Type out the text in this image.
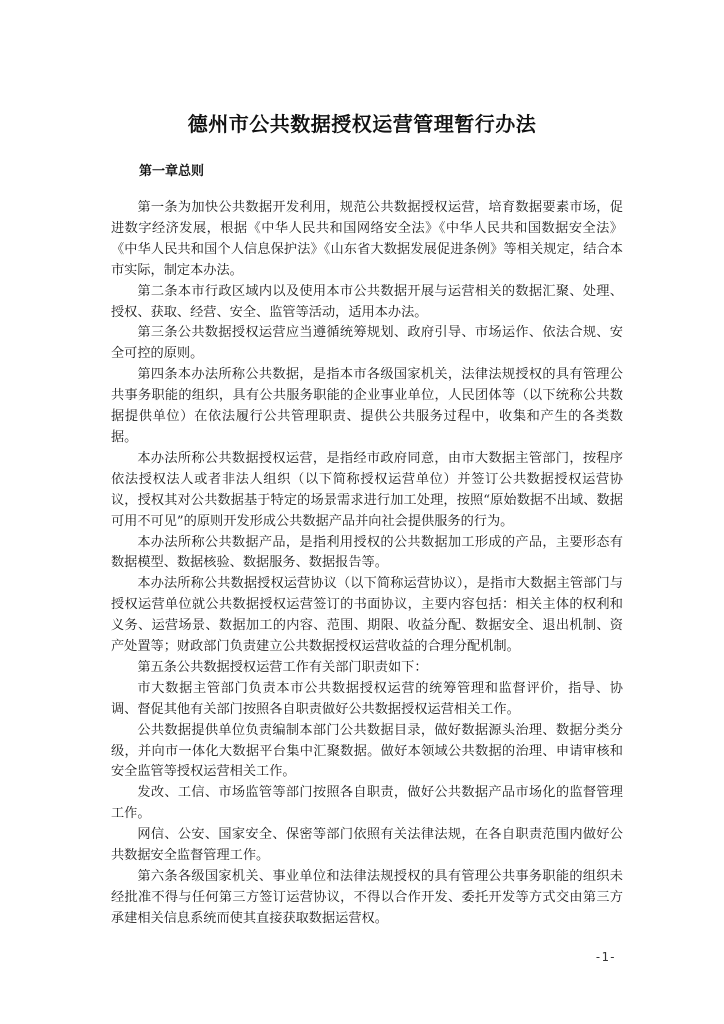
德州市公共数据授权运营管理暂行办法
第一章总则

第一条为加快公共数据开发利用，规范公共数据授权运营，培育数据要素市场，促进数字经济发展，根据《中华人民共和国网络安全法》《中华人民共和国数据安全法》《中华人民共和国个人信息保护法》《山东省大数据发展促进条例》等相关规定，结合本市实际，制定本办法。

第二条本市行政区域内以及使用本市公共数据开展与运营相关的数据汇聚、处理、授权、获取、经营、安全、监管等活动，适用本办法。

第三条公共数据授权运营应当遵循统筹规划、政府引导、市场运作、依法合规、安全可控的原则。

第四条本办法所称公共数据，是指本市各级国家机关，法律法规授权的具有管理公共事务职能的组织，具有公共服务职能的企业事业单位，人民团体等（以下统称公共数据提供单位）在依法履行公共管理职责、提供公共服务过程中，收集和产生的各类数据。

本办法所称公共数据授权运营，是指经市政府同意，由市大数据主管部门，按程序依法授权法人或者非法人组织（以下简称授权运营单位）并签订公共数据授权运营协议，授权其对公共数据基于特定的场景需求进行加工处理，按照“原始数据不出域、数据可用不可见”的原则开发形成公共数据产品并向社会提供服务的行为。

本办法所称公共数据产品，是指利用授权的公共数据加工形成的产品，主要形态有数据模型、数据核验、数据服务、数据报告等。

本办法所称公共数据授权运营协议（以下简称运营协议），是指市大数据主管部门与授权运营单位就公共数据授权运营签订的书面协议，主要内容包括：相关主体的权利和义务、运营场景、数据加工的内容、范围、期限、收益分配、数据安全、退出机制、资产处置等；财政部门负责建立公共数据授权运营收益的合理分配机制。

第五条公共数据授权运营工作有关部门职责如下：

市大数据主管部门负责本市公共数据授权运营的统筹管理和监督评价，指导、协调、督促其他有关部门按照各自职责做好公共数据授权运营相关工作。

公共数据提供单位负责编制本部门公共数据目录，做好数据源头治理、数据分类分级，并向市一体化大数据平台集中汇聚数据。做好本领域公共数据的治理、申请审核和安全监管等授权运营相关工作。

发改、工信、市场监管等部门按照各自职责，做好公共数据产品市场化的监督管理工作。

网信、公安、国家安全、保密等部门依照有关法律法规，在各自职责范围内做好公共数据安全监督管理工作。

第六条各级国家机关、事业单位和法律法规授权的具有管理公共事务职能的组织未经批准不得与任何第三方签订运营协议，不得以合作开发、委托开发等方式交由第三方承建相关信息系统而使其直接获取数据运营权。

-1-
